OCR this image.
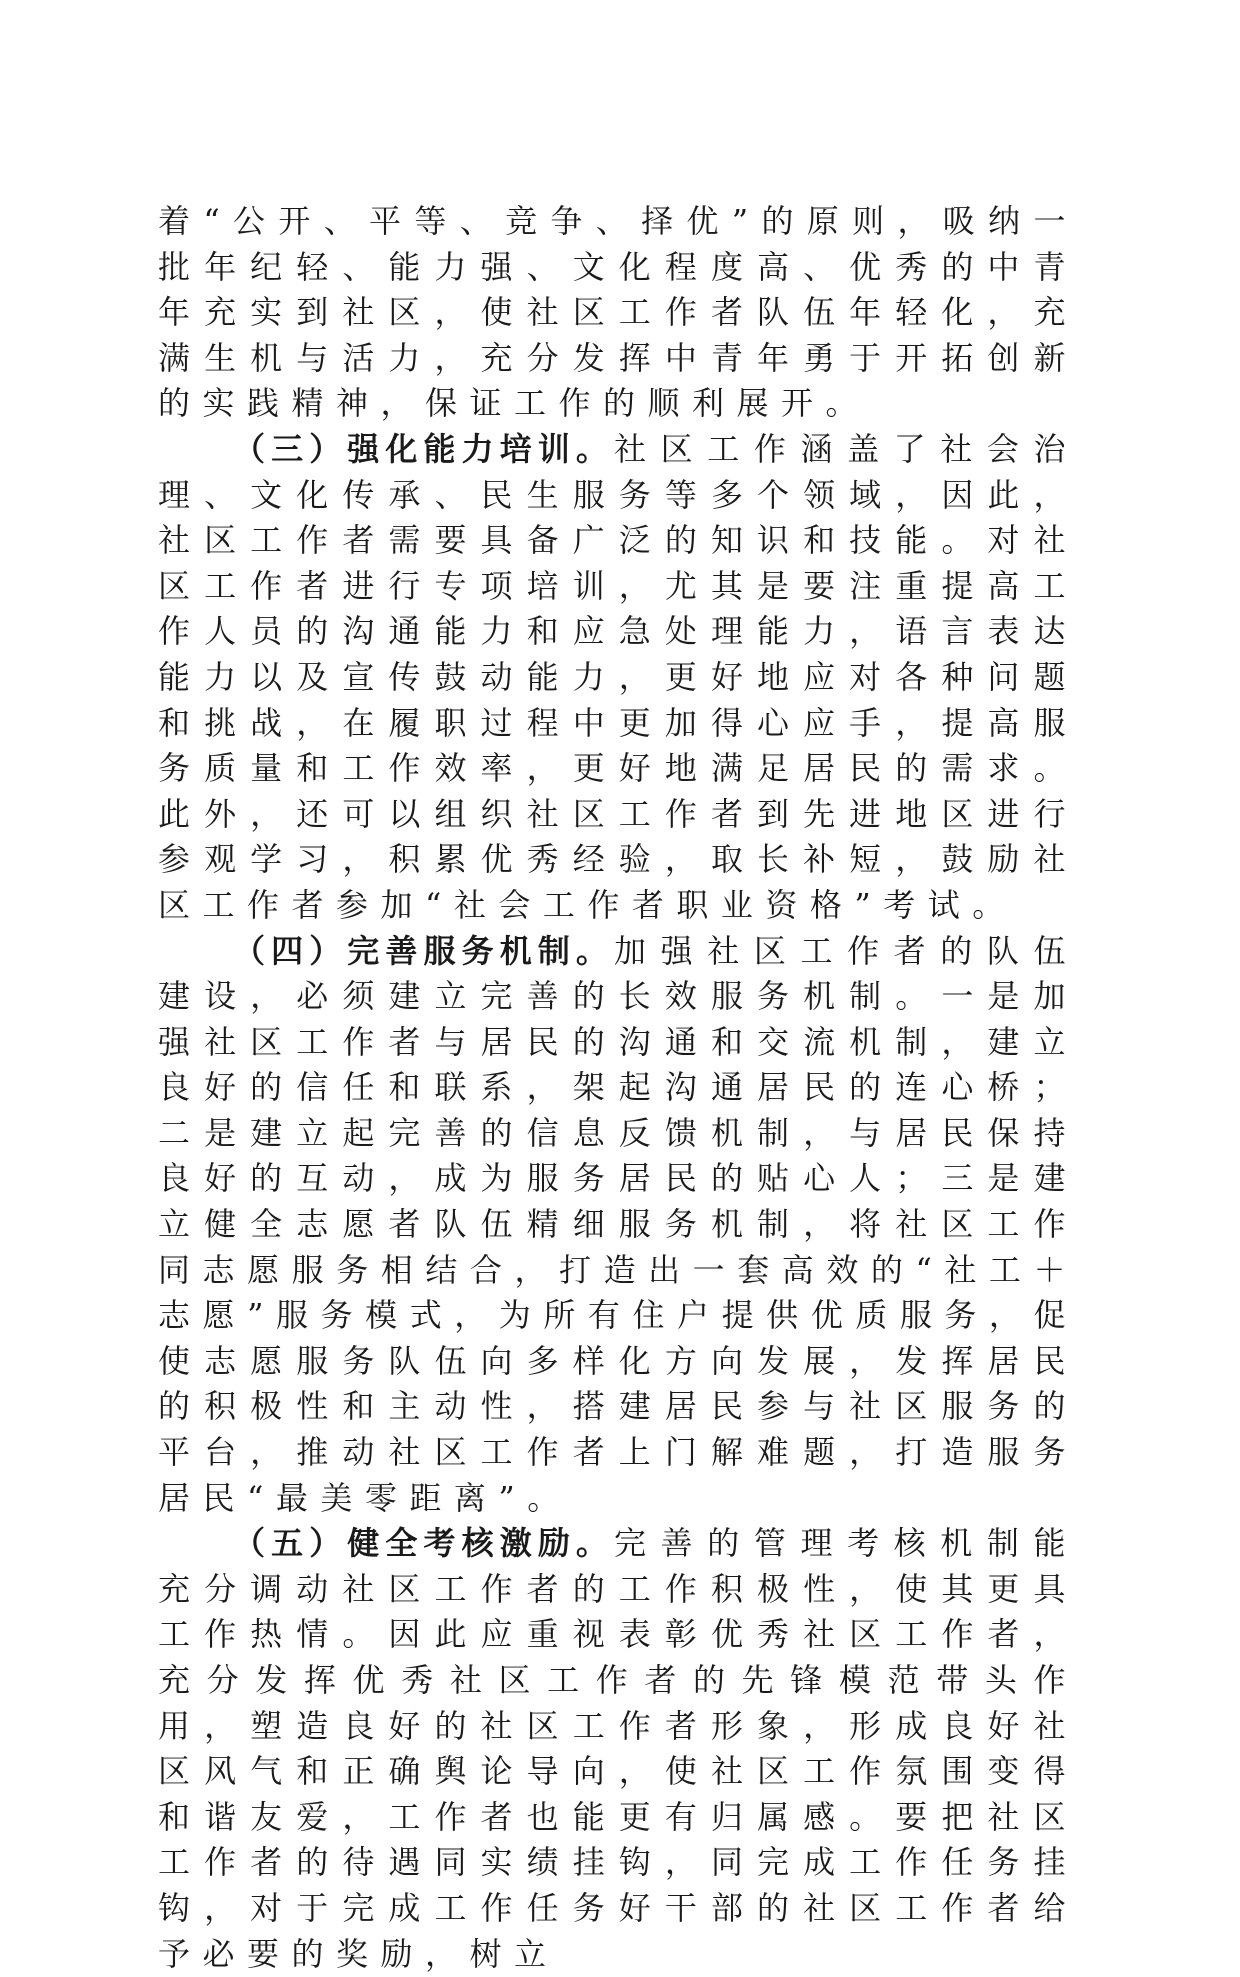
着“公开、平等、竞争、择优”的原则，吸纳一批年纪轻、能力强、文化程度高、优秀的中青年充实到社区，使社区工作者队伍年轻化，充满生机与活力，充分发挥中青年勇于开拓创新的实践精神，保证工作的顺利展开。

（三）强化能力培训。社区工作涵盖了社会治理、文化传承、民生服务等多个领域，因此，社区工作者需要具备广泛的知识和技能。对社区工作者进行专项培训，尤其是要注重提高工作人员的沟通能力和应急处理能力，语言表达能力以及宣传鼓动能力，更好地应对各种问题和挑战，在履职过程中更加得心应手，提高服务质量和工作效率，更好地满足居民的需求。此外，还可以组织社区工作者到先进地区进行参观学习，积累优秀经验，取长补短，鼓励社区工作者参加“社会工作者职业资格”考试。

（四）完善服务机制。加强社区工作者的队伍建设，必须建立完善的长效服务机制。一是加强社区工作者与居民的沟通和交流机制，建立良好的信任和联系，架起沟通居民的连心桥；二是建立起完善的信息反馈机制，与居民保持良好的互动，成为服务居民的贴心人；三是建立健全志愿者队伍精细服务机制，将社区工作同志愿服务相结合，打造出一套高效的“社工＋志愿”服务模式，为所有住户提供优质服务，促使志愿服务队伍向多样化方向发展，发挥居民的积极性和主动性，搭建居民参与社区服务的平台，推动社区工作者上门解难题，打造服务居民“最美零距离”。

（五）健全考核激励。完善的管理考核机制能充分调动社区工作者的工作积极性，使其更具工作热情。因此应重视表彰优秀社区工作者，充分发挥优秀社区工作者的先锋模范带头作用，塑造良好的社区工作者形象，形成良好社区风气和正确舆论导向，使社区工作氛围变得和谐友爱，工作者也能更有归属感。要把社区工作者的待遇同实绩挂钩，同完成工作任务挂钩，对于完成工作任务好干部的社区工作者给予必要的奖励，树立
